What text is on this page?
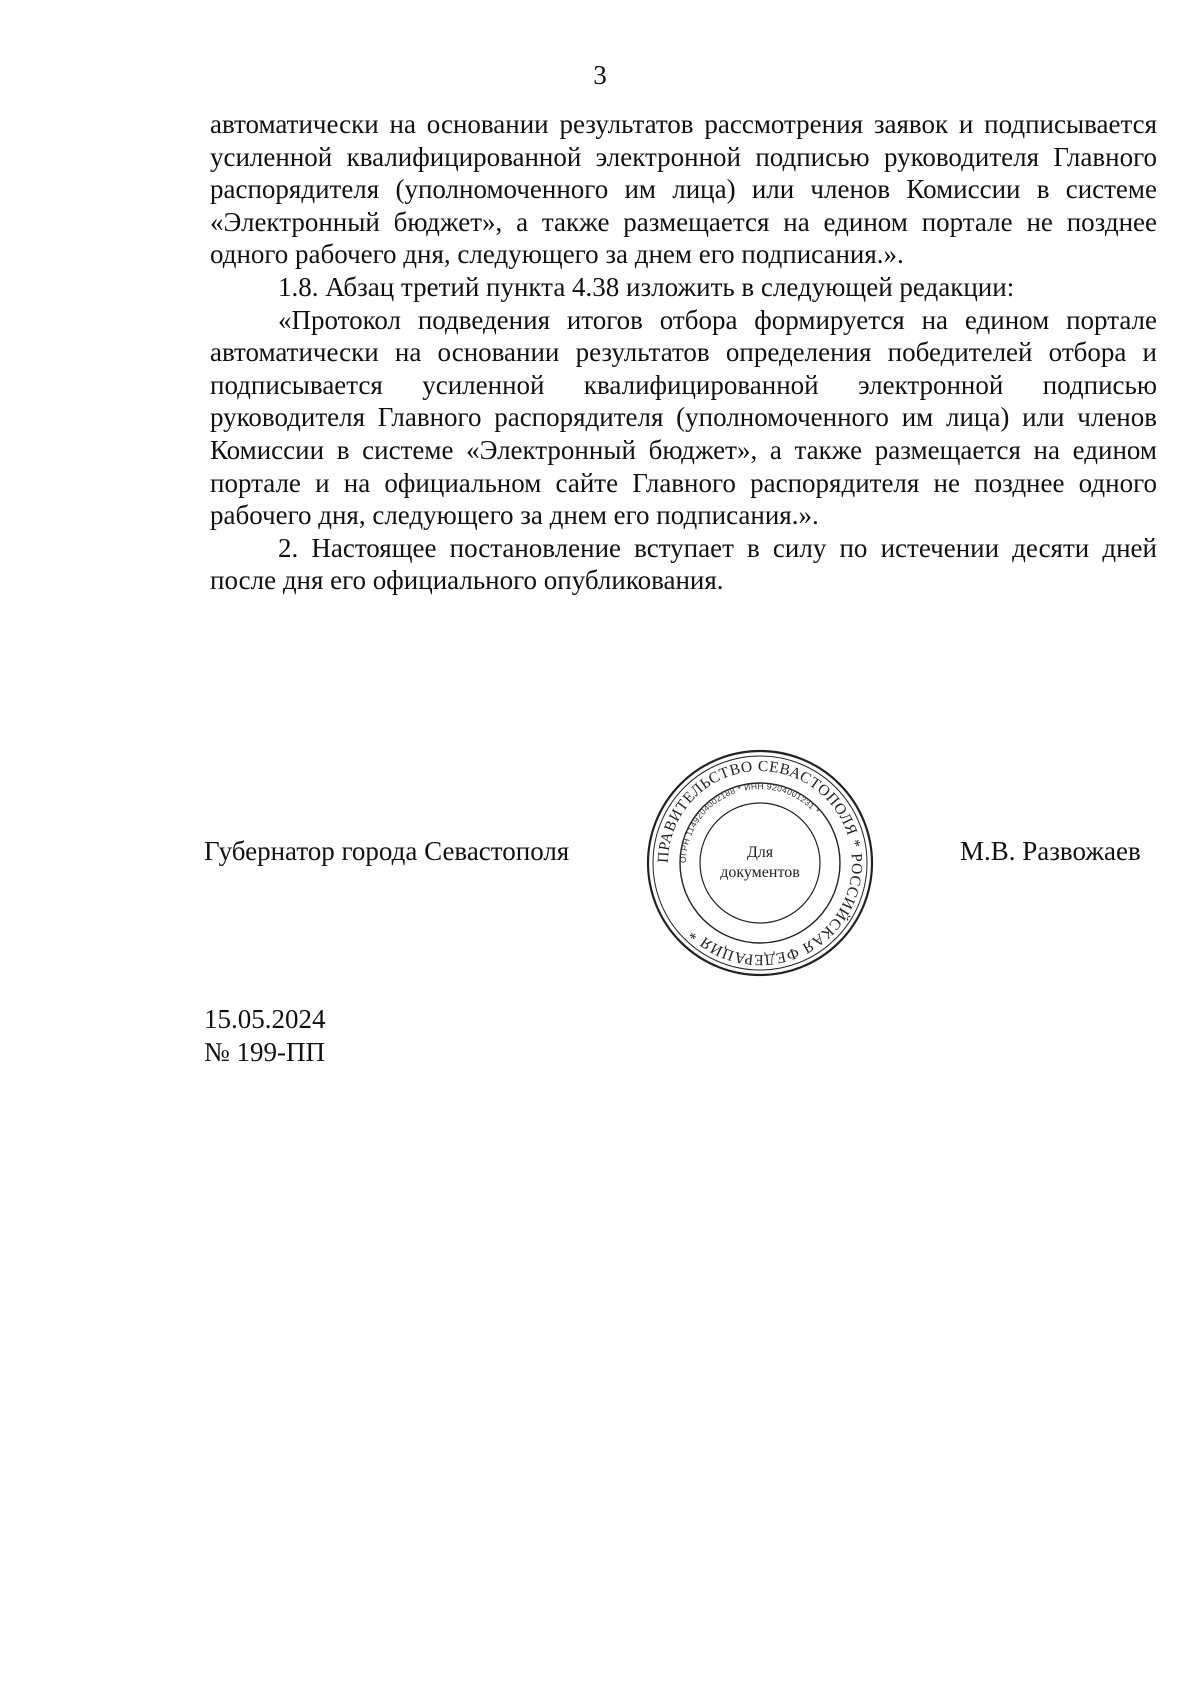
3

автоматически на основании результатов рассмотрения заявок и подписывается усиленной квалифицированной электронной подписью руководителя Главного распорядителя (уполномоченного им лица) или членов Комиссии в системе «Электронный бюджет», а также размещается на едином портале не позднее одного рабочего дня, следующего за днем его подписания.».

1.8. Абзац третий пункта 4.38 изложить в следующей редакции:

«Протокол подведения итогов отбора формируется на едином портале автоматически на основании результатов определения победителей отбора и подписывается усиленной квалифицированной электронной подписью руководителя Главного распорядителя (уполномоченного им лица) или членов Комиссии в системе «Электронный бюджет», а также размещается на едином портале и на официальном сайте Главного распорядителя не позднее одного рабочего дня, следующего за днем его подписания.».

2. Настоящее постановление вступает в силу по истечении десяти дней после дня его официального опубликования.

Губернатор города Севастополя	ПРАВИТЕЛЬСТВО СЕВАСТОПОЛЯ * РОССИЙСКАЯ ФЕДЕРАЦИЯ *
ОГРН 1149204002188 * ИНН 9204001231 *
Для
документов
М.В. Развожаев
15.05.2024
№ 199-ПП
